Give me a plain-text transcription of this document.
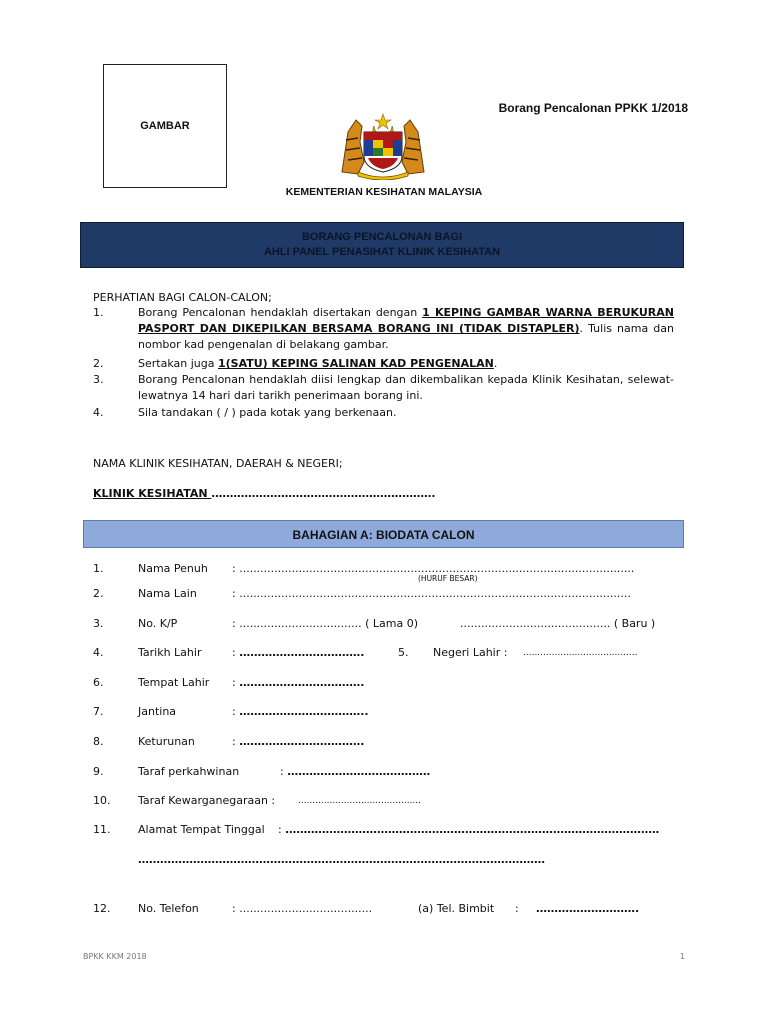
GAMBAR
Borang Pencalonan PPKK 1/2018
KEMENTERIAN KESIHATAN MALAYSIA
BORANG PENCALONAN BAGI
AHLI PANEL PENASIHAT KLINIK KESIHATAN
PERHATIAN BAGI CALON-CALON;
1.	Borang Pencalonan hendaklah disertakan dengan 1 KEPING GAMBAR WARNA BERUKURAN PASPORT DAN DIKEPILKAN BERSAMA BORANG INI (TIDAK DISTAPLER). Tulis nama dan nombor kad pengenalan di belakang gambar.
2.	Sertakan juga 1(SATU) KEPING SALINAN KAD PENGENALAN.
3.	Borang Pencalonan hendaklah diisi lengkap dan dikembalikan kepada Klinik Kesihatan, selewat-lewatnya 14 hari dari tarikh penerimaan borang ini.
4.	Sila tandakan ( / ) pada kotak yang berkenaan.
NAMA KLINIK KESIHATAN, DAERAH & NEGERI;
KLINIK KESIHATAN …………………………………………………….
BAHAGIAN A: BIODATA CALON
1.	Nama Penuh : .................................................................................................................
(HURUF BESAR)
2.	Nama Lain	: ................................................................................................................
3.	No. K/P	: ................................... ( Lama 0)	........................................... ( Baru )
4.	Tarikh Lahir	: …………………………….	5. Negeri Lahir : ........................................
6.	Tempat Lahir : …………………………….
7.	Jantina	: ……………………………..
8.	Keturunan	: …………………………….
9.	Taraf perkahwinan	: …………………………………
10.	Taraf Kewarganegaraan :	...........................................
11.	Alamat Tempat Tinggal : …………………………………………………………………………………………
…………………………………………………………………………………………………
12.	No. Telefon	: ......................................	(a) Tel. Bimbit : ……………………….
BPKK KKM 2018	1
